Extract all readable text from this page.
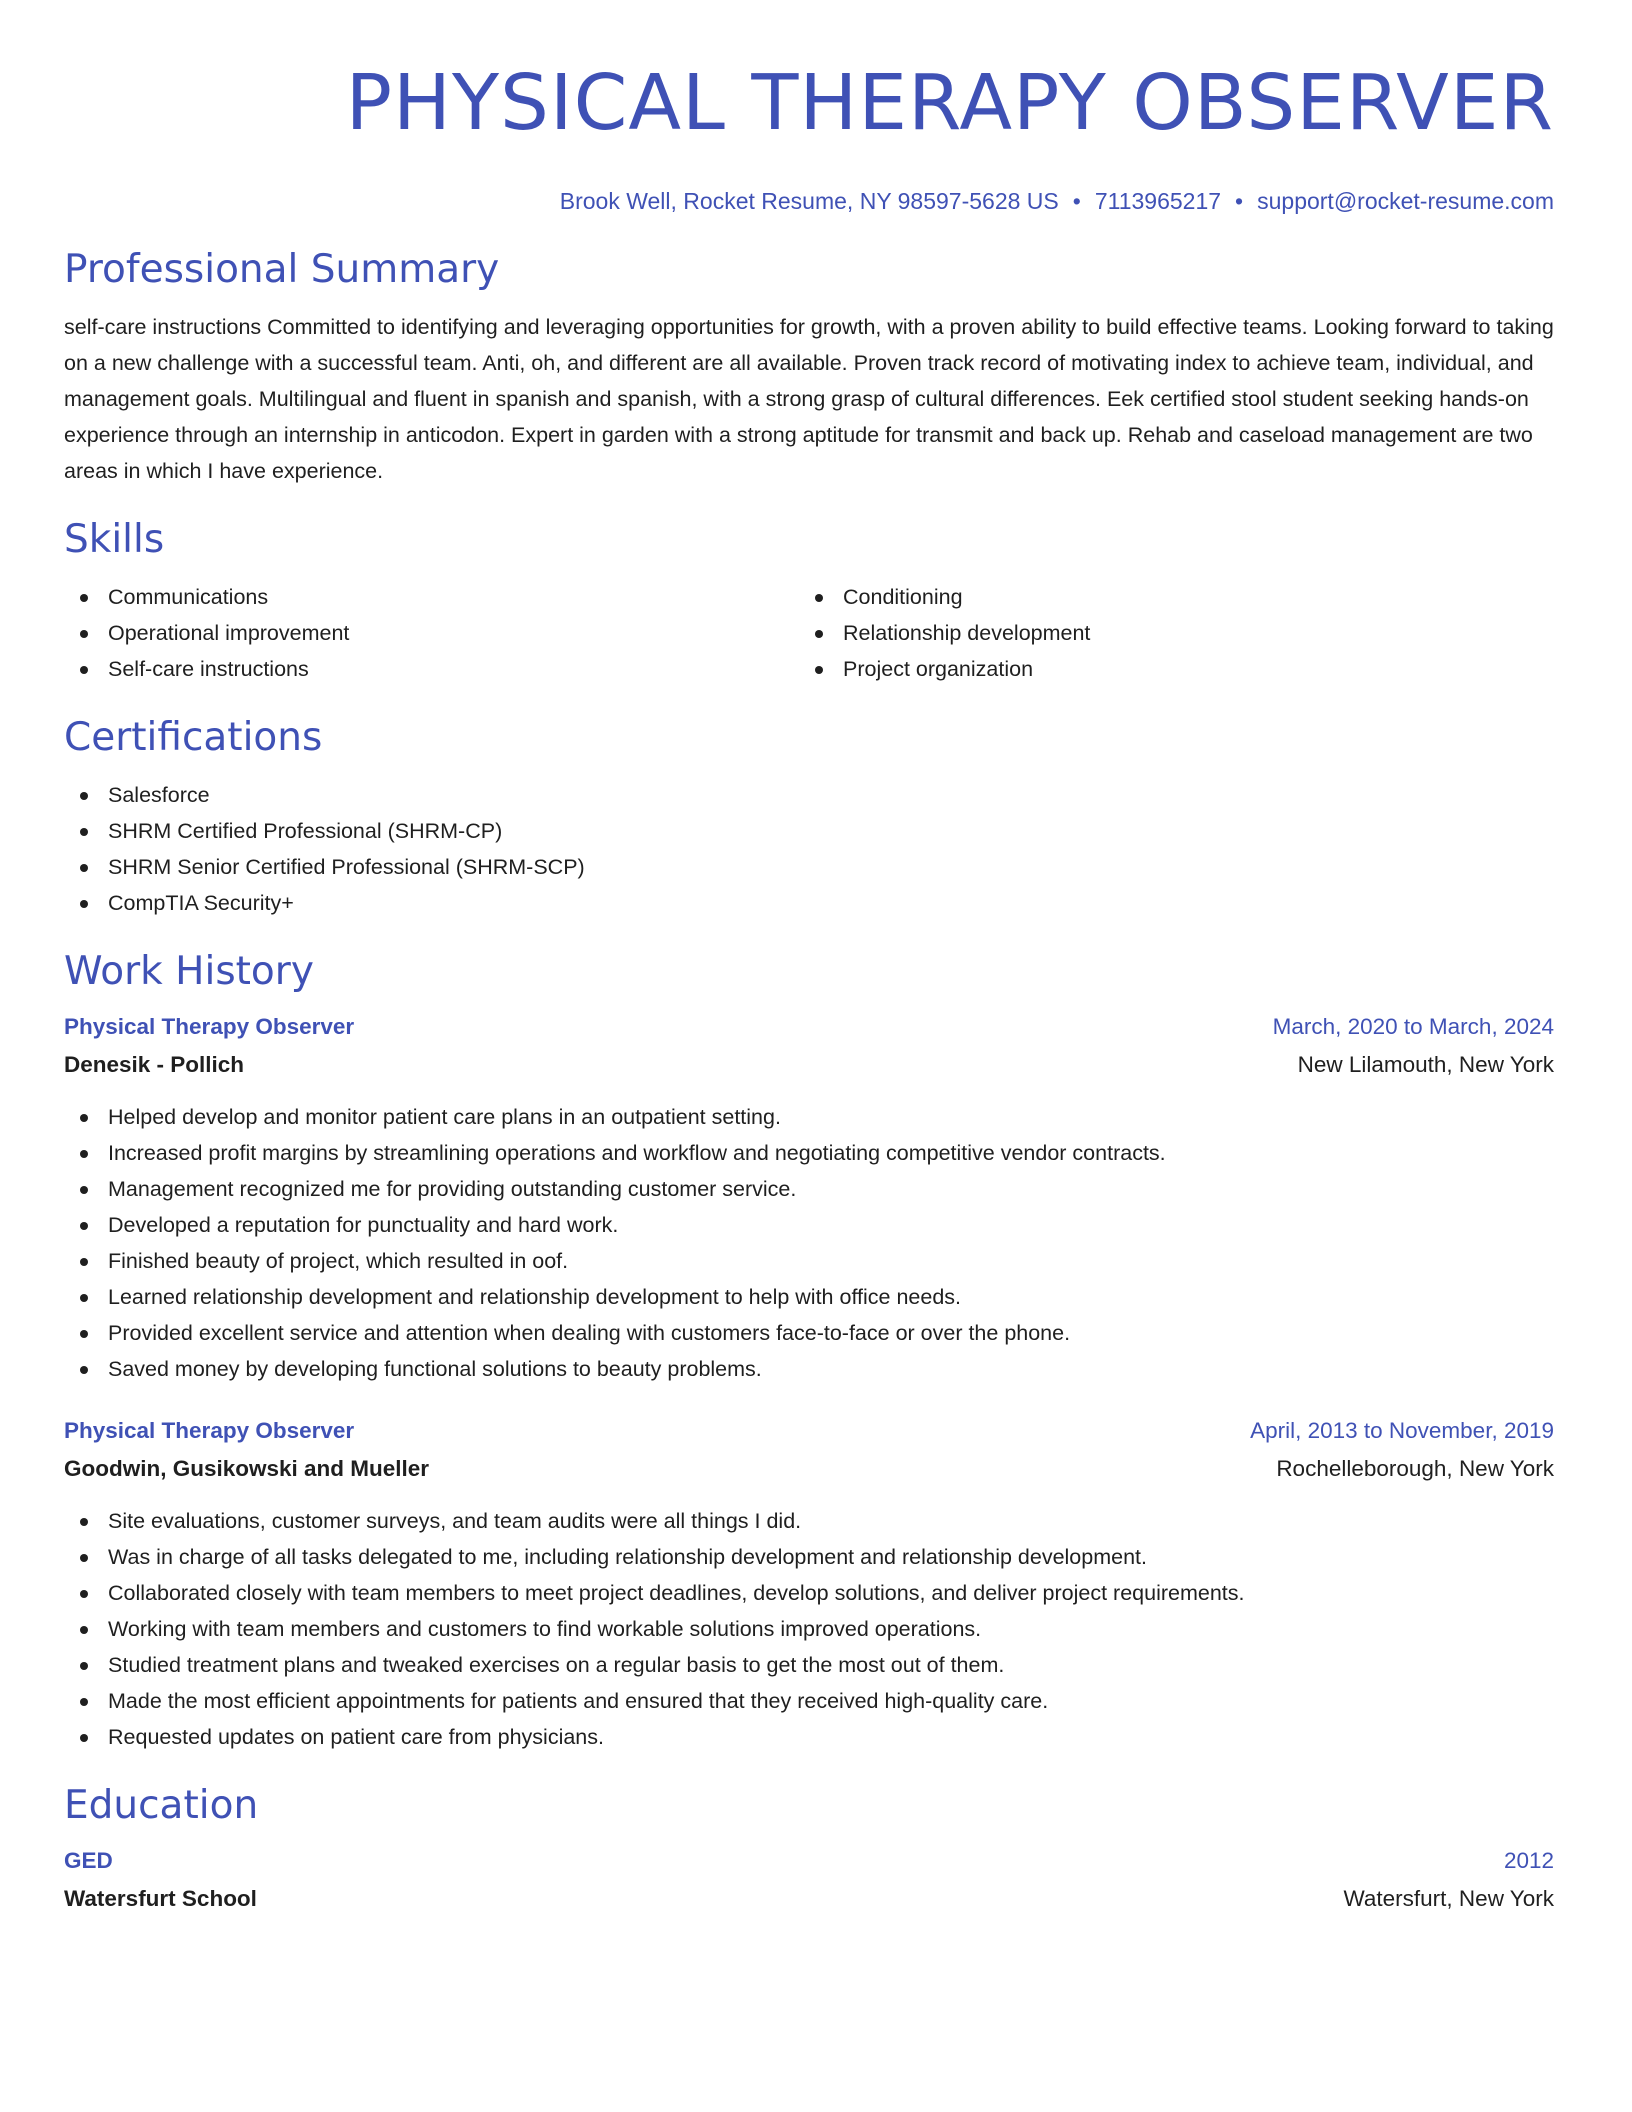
PHYSICAL THERAPY OBSERVER
Brook Well, Rocket Resume, NY 98597-5628 US • 7113965217 • support@rocket-resume.com
Professional Summary

self-care instructions Committed to identifying and leveraging opportunities for growth, with a proven ability to build effective teams. Looking forward to taking on a new challenge with a successful team. Anti, oh, and different are all available. Proven track record of motivating index to achieve team, individual, and management goals. Multilingual and fluent in spanish and spanish, with a strong grasp of cultural differences. Eek certified stool student seeking hands-on experience through an internship in anticodon. Expert in garden with a strong aptitude for transmit and back up. Rehab and caseload management are two areas in which I have experience.

Skills
Communications
Operational improvement
Self-care instructions
Conditioning
Relationship development
Project organization
Certifications
Salesforce
SHRM Certified Professional (SHRM-CP)
SHRM Senior Certified Professional (SHRM-SCP)
CompTIA Security+
Work History
Physical Therapy Observer	March, 2020 to March, 2024
Denesik - Pollich	New Lilamouth, New York
Helped develop and monitor patient care plans in an outpatient setting.
Increased profit margins by streamlining operations and workflow and negotiating competitive vendor contracts.
Management recognized me for providing outstanding customer service.
Developed a reputation for punctuality and hard work.
Finished beauty of project, which resulted in oof.
Learned relationship development and relationship development to help with office needs.
Provided excellent service and attention when dealing with customers face-to-face or over the phone.
Saved money by developing functional solutions to beauty problems.
Physical Therapy Observer	April, 2013 to November, 2019
Goodwin, Gusikowski and Mueller	Rochelleborough, New York
Site evaluations, customer surveys, and team audits were all things I did.
Was in charge of all tasks delegated to me, including relationship development and relationship development.
Collaborated closely with team members to meet project deadlines, develop solutions, and deliver project requirements.
Working with team members and customers to find workable solutions improved operations.
Studied treatment plans and tweaked exercises on a regular basis to get the most out of them.
Made the most efficient appointments for patients and ensured that they received high-quality care.
Requested updates on patient care from physicians.
Education
GED	2012
Watersfurt School	Watersfurt, New York
